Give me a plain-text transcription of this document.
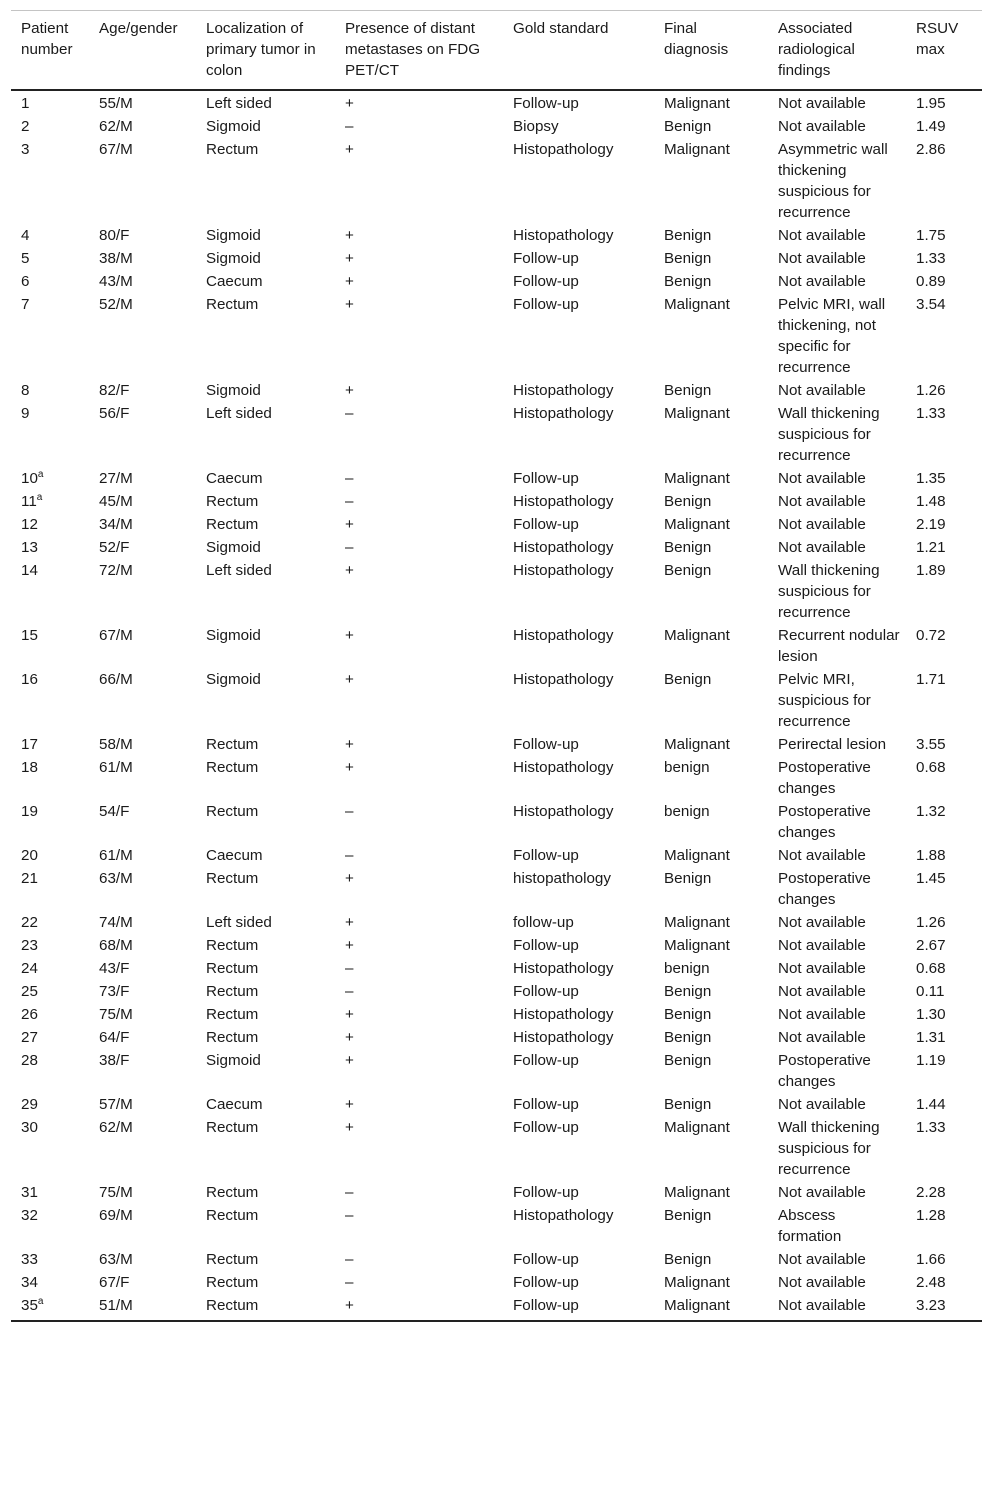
Patient number	Age/gender	Localization of primary tumor in colon	Presence of distant metastases on FDG PET/CT	Gold standard	Final diagnosis	Associated radiological findings	RSUV max
1	55/M	Left sided	+	Follow-up	Malignant	Not available	1.95
2	62/M	Sigmoid	–	Biopsy	Benign	Not available	1.49
3	67/M	Rectum	+	Histopathology	Malignant	Asymmetric wall thickening suspicious for recurrence	2.86
4	80/F	Sigmoid	+	Histopathology	Benign	Not available	1.75
5	38/M	Sigmoid	+	Follow-up	Benign	Not available	1.33
6	43/M	Caecum	+	Follow-up	Benign	Not available	0.89
7	52/M	Rectum	+	Follow-up	Malignant	Pelvic MRI, wall thickening, not specific for recurrence	3.54
8	82/F	Sigmoid	+	Histopathology	Benign	Not available	1.26
9	56/F	Left sided	–	Histopathology	Malignant	Wall thickening suspicious for recurrence	1.33
10$^a$	27/M	Caecum	–	Follow-up	Malignant	Not available	1.35
11$^a$	45/M	Rectum	–	Histopathology	Benign	Not available	1.48
12	34/M	Rectum	+	Follow-up	Malignant	Not available	2.19
13	52/F	Sigmoid	–	Histopathology	Benign	Not available	1.21
14	72/M	Left sided	+	Histopathology	Benign	Wall thickening suspicious for recurrence	1.89
15	67/M	Sigmoid	+	Histopathology	Malignant	Recurrent nodular lesion	0.72
16	66/M	Sigmoid	+	Histopathology	Benign	Pelvic MRI, suspicious for recurrence	1.71
17	58/M	Rectum	+	Follow-up	Malignant	Perirectal lesion	3.55
18	61/M	Rectum	+	Histopathology	benign	Postoperative changes	0.68
19	54/F	Rectum	–	Histopathology	benign	Postoperative changes	1.32
20	61/M	Caecum	–	Follow-up	Malignant	Not available	1.88
21	63/M	Rectum	+	histopathology	Benign	Postoperative changes	1.45
22	74/M	Left sided	+	follow-up	Malignant	Not available	1.26
23	68/M	Rectum	+	Follow-up	Malignant	Not available	2.67
24	43/F	Rectum	–	Histopathology	benign	Not available	0.68
25	73/F	Rectum	–	Follow-up	Benign	Not available	0.11
26	75/M	Rectum	+	Histopathology	Benign	Not available	1.30
27	64/F	Rectum	+	Histopathology	Benign	Not available	1.31
28	38/F	Sigmoid	+	Follow-up	Benign	Postoperative changes	1.19
29	57/M	Caecum	+	Follow-up	Benign	Not available	1.44
30	62/M	Rectum	+	Follow-up	Malignant	Wall thickening suspicious for recurrence	1.33
31	75/M	Rectum	–	Follow-up	Malignant	Not available	2.28
32	69/M	Rectum	–	Histopathology	Benign	Abscess formation	1.28
33	63/M	Rectum	–	Follow-up	Benign	Not available	1.66
34	67/F	Rectum	–	Follow-up	Malignant	Not available	2.48
35$^a$	51/M	Rectum	+	Follow-up	Malignant	Not available	3.23
